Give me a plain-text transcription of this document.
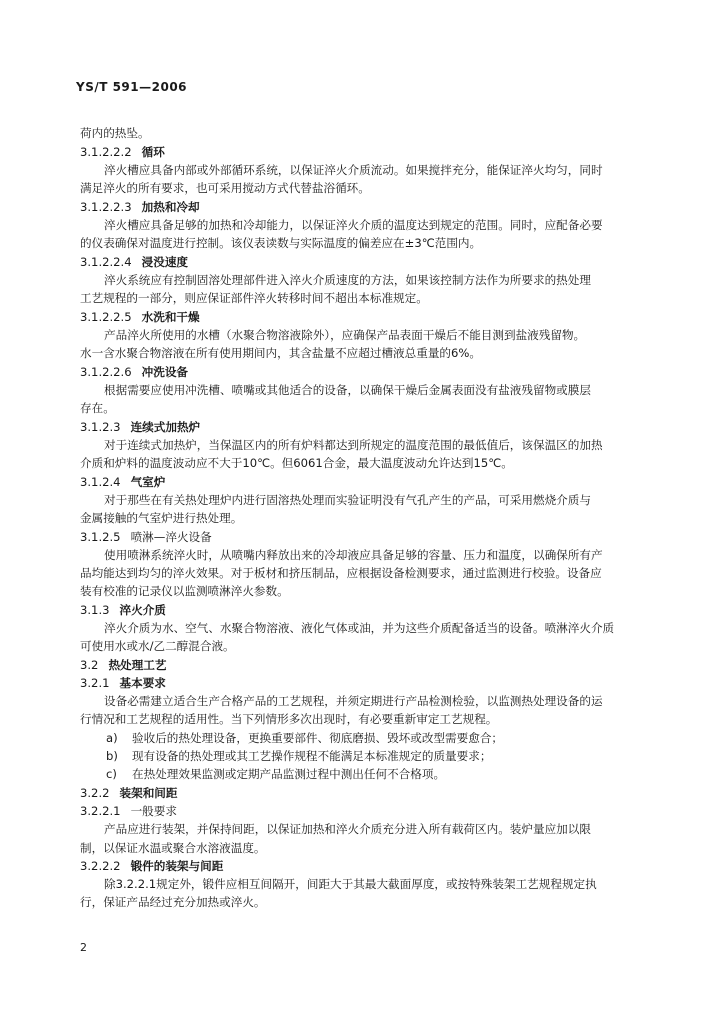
YS/T 591—2006
荷内的热坠。
3.1.2.2.2 循环
淬火槽应具备内部或外部循环系统，以保证淬火介质流动。如果搅拌充分，能保证淬火均匀，同时
满足淬火的所有要求，也可采用搅动方式代替盐浴循环。
3.1.2.2.3 加热和冷却
淬火槽应具备足够的加热和冷却能力，以保证淬火介质的温度达到规定的范围。同时，应配备必要
的仪表确保对温度进行控制。该仪表读数与实际温度的偏差应在±3℃范围内。
3.1.2.2.4 浸没速度
淬火系统应有控制固溶处理部件进入淬火介质速度的方法，如果该控制方法作为所要求的热处理
工艺规程的一部分，则应保证部件淬火转移时间不超出本标准规定。
3.1.2.2.5 水洗和干燥
产品淬火所使用的水槽（水聚合物溶液除外），应确保产品表面干燥后不能目测到盐液残留物。
水一含水聚合物溶液在所有使用期间内，其含盐量不应超过槽液总重量的6%。
3.1.2.2.6 冲洗设备
根据需要应使用冲洗槽、喷嘴或其他适合的设备，以确保干燥后金属表面没有盐液残留物或膜层
存在。
3.1.2.3 连续式加热炉
对于连续式加热炉，当保温区内的所有炉料都达到所规定的温度范围的最低值后，该保温区的加热
介质和炉料的温度波动应不大于10℃。但6061合金，最大温度波动允许达到15℃。
3.1.2.4 气室炉
对于那些在有关热处理炉内进行固溶热处理而实验证明没有气孔产生的产品，可采用燃烧介质与
金属接触的气室炉进行热处理。
3.1.2.5 喷淋—淬火设备
使用喷淋系统淬火时，从喷嘴内释放出来的冷却液应具备足够的容量、压力和温度，以确保所有产
品均能达到均匀的淬火效果。对于板材和挤压制品，应根据设备检测要求，通过监测进行校验。设备应
装有校准的记录仪以监测喷淋淬火参数。
3.1.3 淬火介质
淬火介质为水、空气、水聚合物溶液、液化气体或油，并为这些介质配备适当的设备。喷淋淬火介质
可使用水或水/乙二醇混合液。
3.2 热处理工艺
3.2.1 基本要求
设备必需建立适合生产合格产品的工艺规程，并须定期进行产品检测检验，以监测热处理设备的运
行情况和工艺规程的适用性。当下列情形多次出现时，有必要重新审定工艺规程。
a) 验收后的热处理设备，更换重要部件、彻底磨损、毁坏或改型需要愈合；
b) 现有设备的热处理或其工艺操作规程不能满足本标准规定的质量要求；
c) 在热处理效果监测或定期产品监测过程中测出任何不合格项。
3.2.2 装架和间距
3.2.2.1 一般要求
产品应进行装架，并保持间距，以保证加热和淬火介质充分进入所有载荷区内。装炉量应加以限
制，以保证水温或聚合水溶液温度。
3.2.2.2 锻件的装架与间距
除3.2.2.1规定外，锻件应相互间隔开，间距大于其最大截面厚度，或按特殊装架工艺规程规定执
行，保证产品经过充分加热或淬火。
2
